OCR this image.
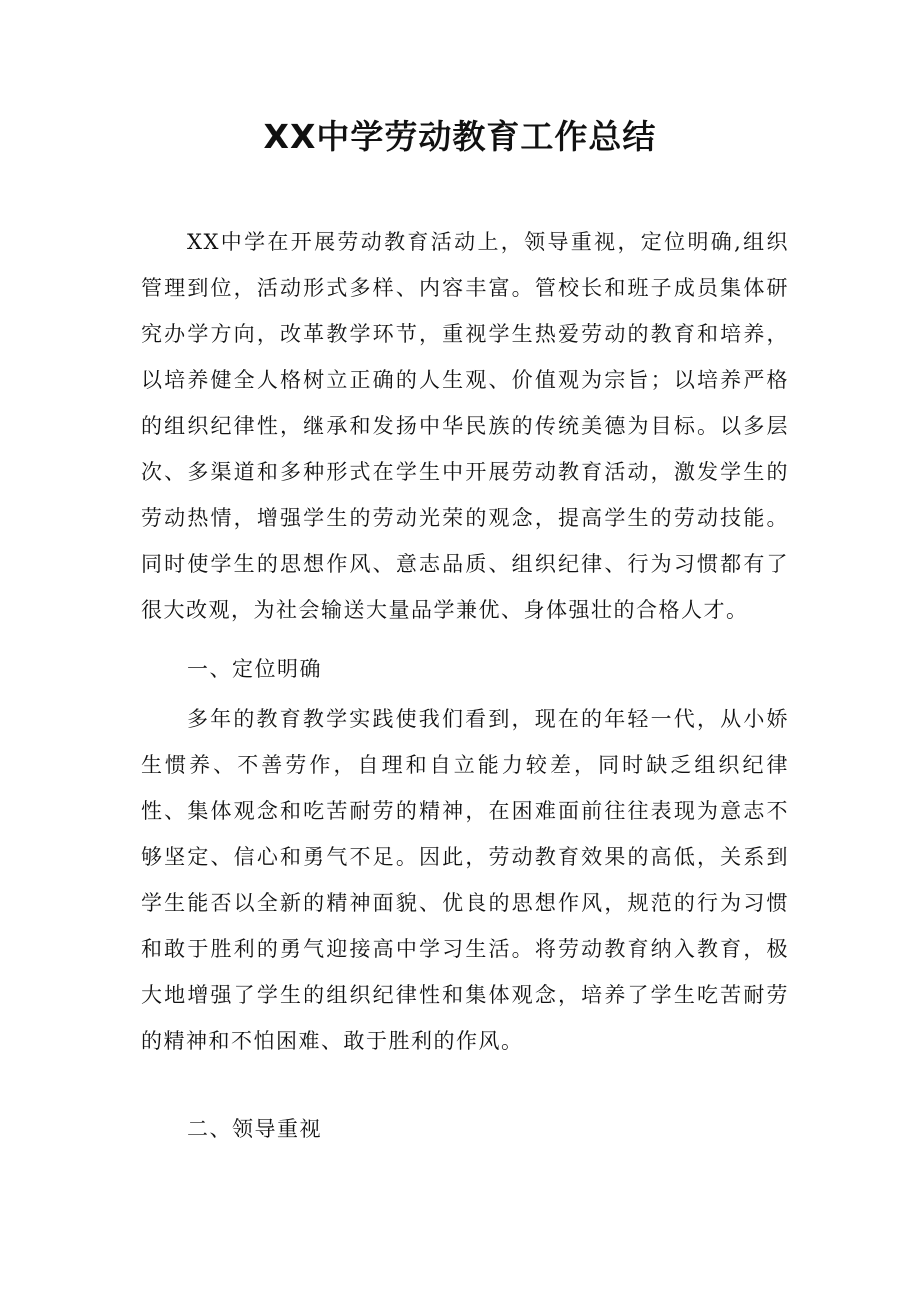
XX中学劳动教育工作总结

XX中学在开展劳动教育活动上，领导重视，定位明确,组织管理到位，活动形式多样、内容丰富。管校长和班子成员集体研究办学方向，改革教学环节，重视学生热爱劳动的教育和培养，以培养健全人格树立正确的人生观、价值观为宗旨；以培养严格的组织纪律性，继承和发扬中华民族的传统美德为目标。以多层次、多渠道和多种形式在学生中开展劳动教育活动，激发学生的劳动热情，增强学生的劳动光荣的观念，提高学生的劳动技能。同时使学生的思想作风、意志品质、组织纪律、行为习惯都有了很大改观，为社会输送大量品学兼优、身体强壮的合格人才。

一、定位明确

多年的教育教学实践使我们看到，现在的年轻一代，从小娇生惯养、不善劳作，自理和自立能力较差，同时缺乏组织纪律性、集体观念和吃苦耐劳的精神，在困难面前往往表现为意志不够坚定、信心和勇气不足。因此，劳动教育效果的高低，关系到学生能否以全新的精神面貌、优良的思想作风，规范的行为习惯和敢于胜利的勇气迎接高中学习生活。将劳动教育纳入教育，极大地增强了学生的组织纪律性和集体观念，培养了学生吃苦耐劳的精神和不怕困难、敢于胜利的作风。

二、领导重视
